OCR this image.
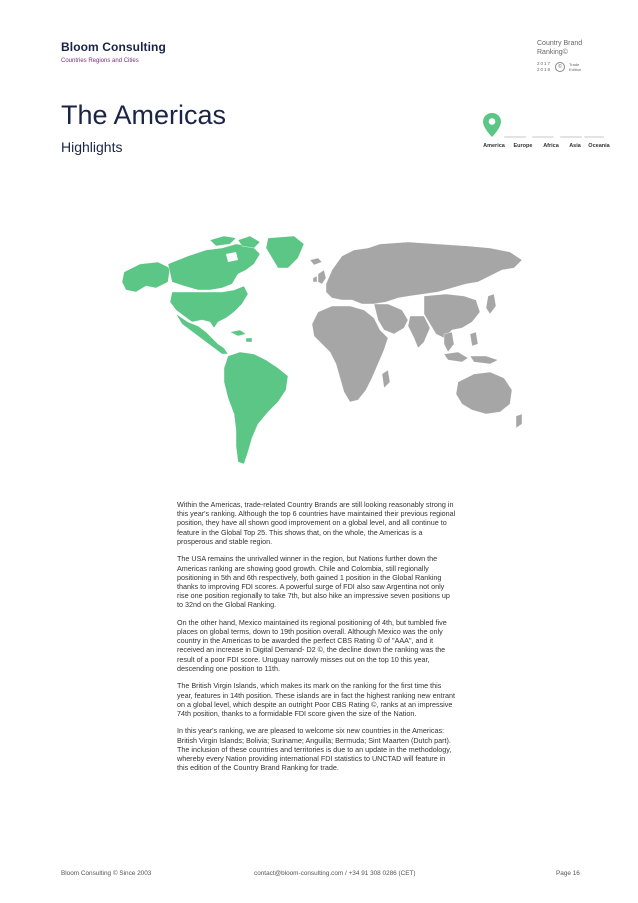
Bloom Consulting
Countries Regions and Cities
Country Brand Ranking©
2017
2018	©	Trade
Edition
The Americas
Highlights	America	Europe	Africa	Asia	Oceania

Within the Americas, trade-related Country Brands are still looking reasonably strong in this year's ranking. Although the top 6 countries have maintained their previous regional position, they have all shown good improvement on a global level, and all continue to feature in the Global Top 25. This shows that, on the whole, the Americas is a prosperous and stable region.

The USA remains the unrivalled winner in the region, but Nations further down the Americas ranking are showing good growth. Chile and Colombia, still regionally positioning in 5th and 6th respectively, both gained 1 position in the Global Ranking thanks to improving FDI scores. A powerful surge of FDI also saw Argentina not only rise one position regionally to take 7th, but also hike an impressive seven positions up to 32nd on the Global Ranking.

On the other hand, Mexico maintained its regional positioning of 4th, but tumbled five places on global terms, down to 19th position overall. Although Mexico was the only country in the Americas to be awarded the perfect CBS Rating © of "AAA", and it received an increase in Digital Demand- D2 ©, the decline down the ranking was the result of a poor FDI score. Uruguay narrowly misses out on the top 10 this year, descending one position to 11th.

The British Virgin Islands, which makes its mark on the ranking for the first time this year, features in 14th position. These islands are in fact the highest ranking new entrant on a global level, which despite an outright Poor CBS Rating ©, ranks at an impressive 74th position, thanks to a formidable FDI score given the size of the Nation.

In this year's ranking, we are pleased to welcome six new countries in the Americas: British Virgin Islands; Bolivia; Suriname; Anguilla; Bermuda; Sint Maarten (Dutch part). The inclusion of these countries and territories is due to an update in the methodology, whereby every Nation providing international FDI statistics to UNCTAD will feature in this edition of the Country Brand Ranking for trade.

Bloom Consulting © Since 2003	contact@bloom-consulting.com / +34 91 308 0286 (CET)	Page 16
